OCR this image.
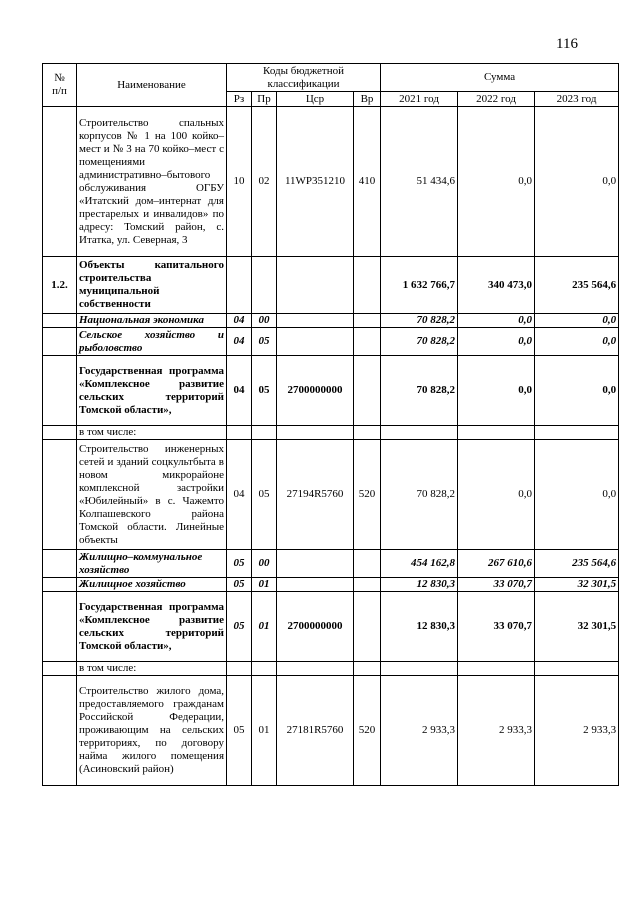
116
№
п/п	Наименование	Коды бюджетной
классификации				Сумма		
		Рз	Пр	Цср	Вр	2021 год	2022 год	2023 год
	Строительство спальных корпусов № 1 на 100 койко–мест и № 3 на 70 койко–мест с помещениями административно–бытового обслуживания ОГБУ «Итатский дом–интернат для престарелых и инвалидов» по адресу: Томский район, с. Итатка, ул. Северная, 3	10	02	11WP351210	410	51 434,6	0,0	0,0
1.2.	Объекты капитального строительства муниципальной собственности					1 632 766,7	340 473,0	235 564,6
	Национальная экономика	04	00			70 828,2	0,0	0,0
	Сельское хозяйство и рыболовство	04	05			70 828,2	0,0	0,0
	Государственная программа «Комплексное развитие сельских территорий Томской области»,	04	05	2700000000		70 828,2	0,0	0,0
	в том числе:							
	Строительство инженерных сетей и зданий соцкультбыта в новом микрорайоне комплексной застройки «Юбилейный» в с. Чажемто Колпашевского района Томской области. Линейные объекты	04	05	27194R5760	520	70 828,2	0,0	0,0
	Жилищно–коммунальное хозяйство	05	00			454 162,8	267 610,6	235 564,6
	Жилищное хозяйство	05	01			12 830,3	33 070,7	32 301,5
	Государственная программа «Комплексное развитие сельских территорий Томской области»,	05	01	2700000000		12 830,3	33 070,7	32 301,5
	в том числе:							
	Строительство жилого дома, предоставляемого гражданам Российской Федерации, проживающим на сельских территориях, по договору найма жилого помещения (Асиновский район)	05	01	27181R5760	520	2 933,3	2 933,3	2 933,3
